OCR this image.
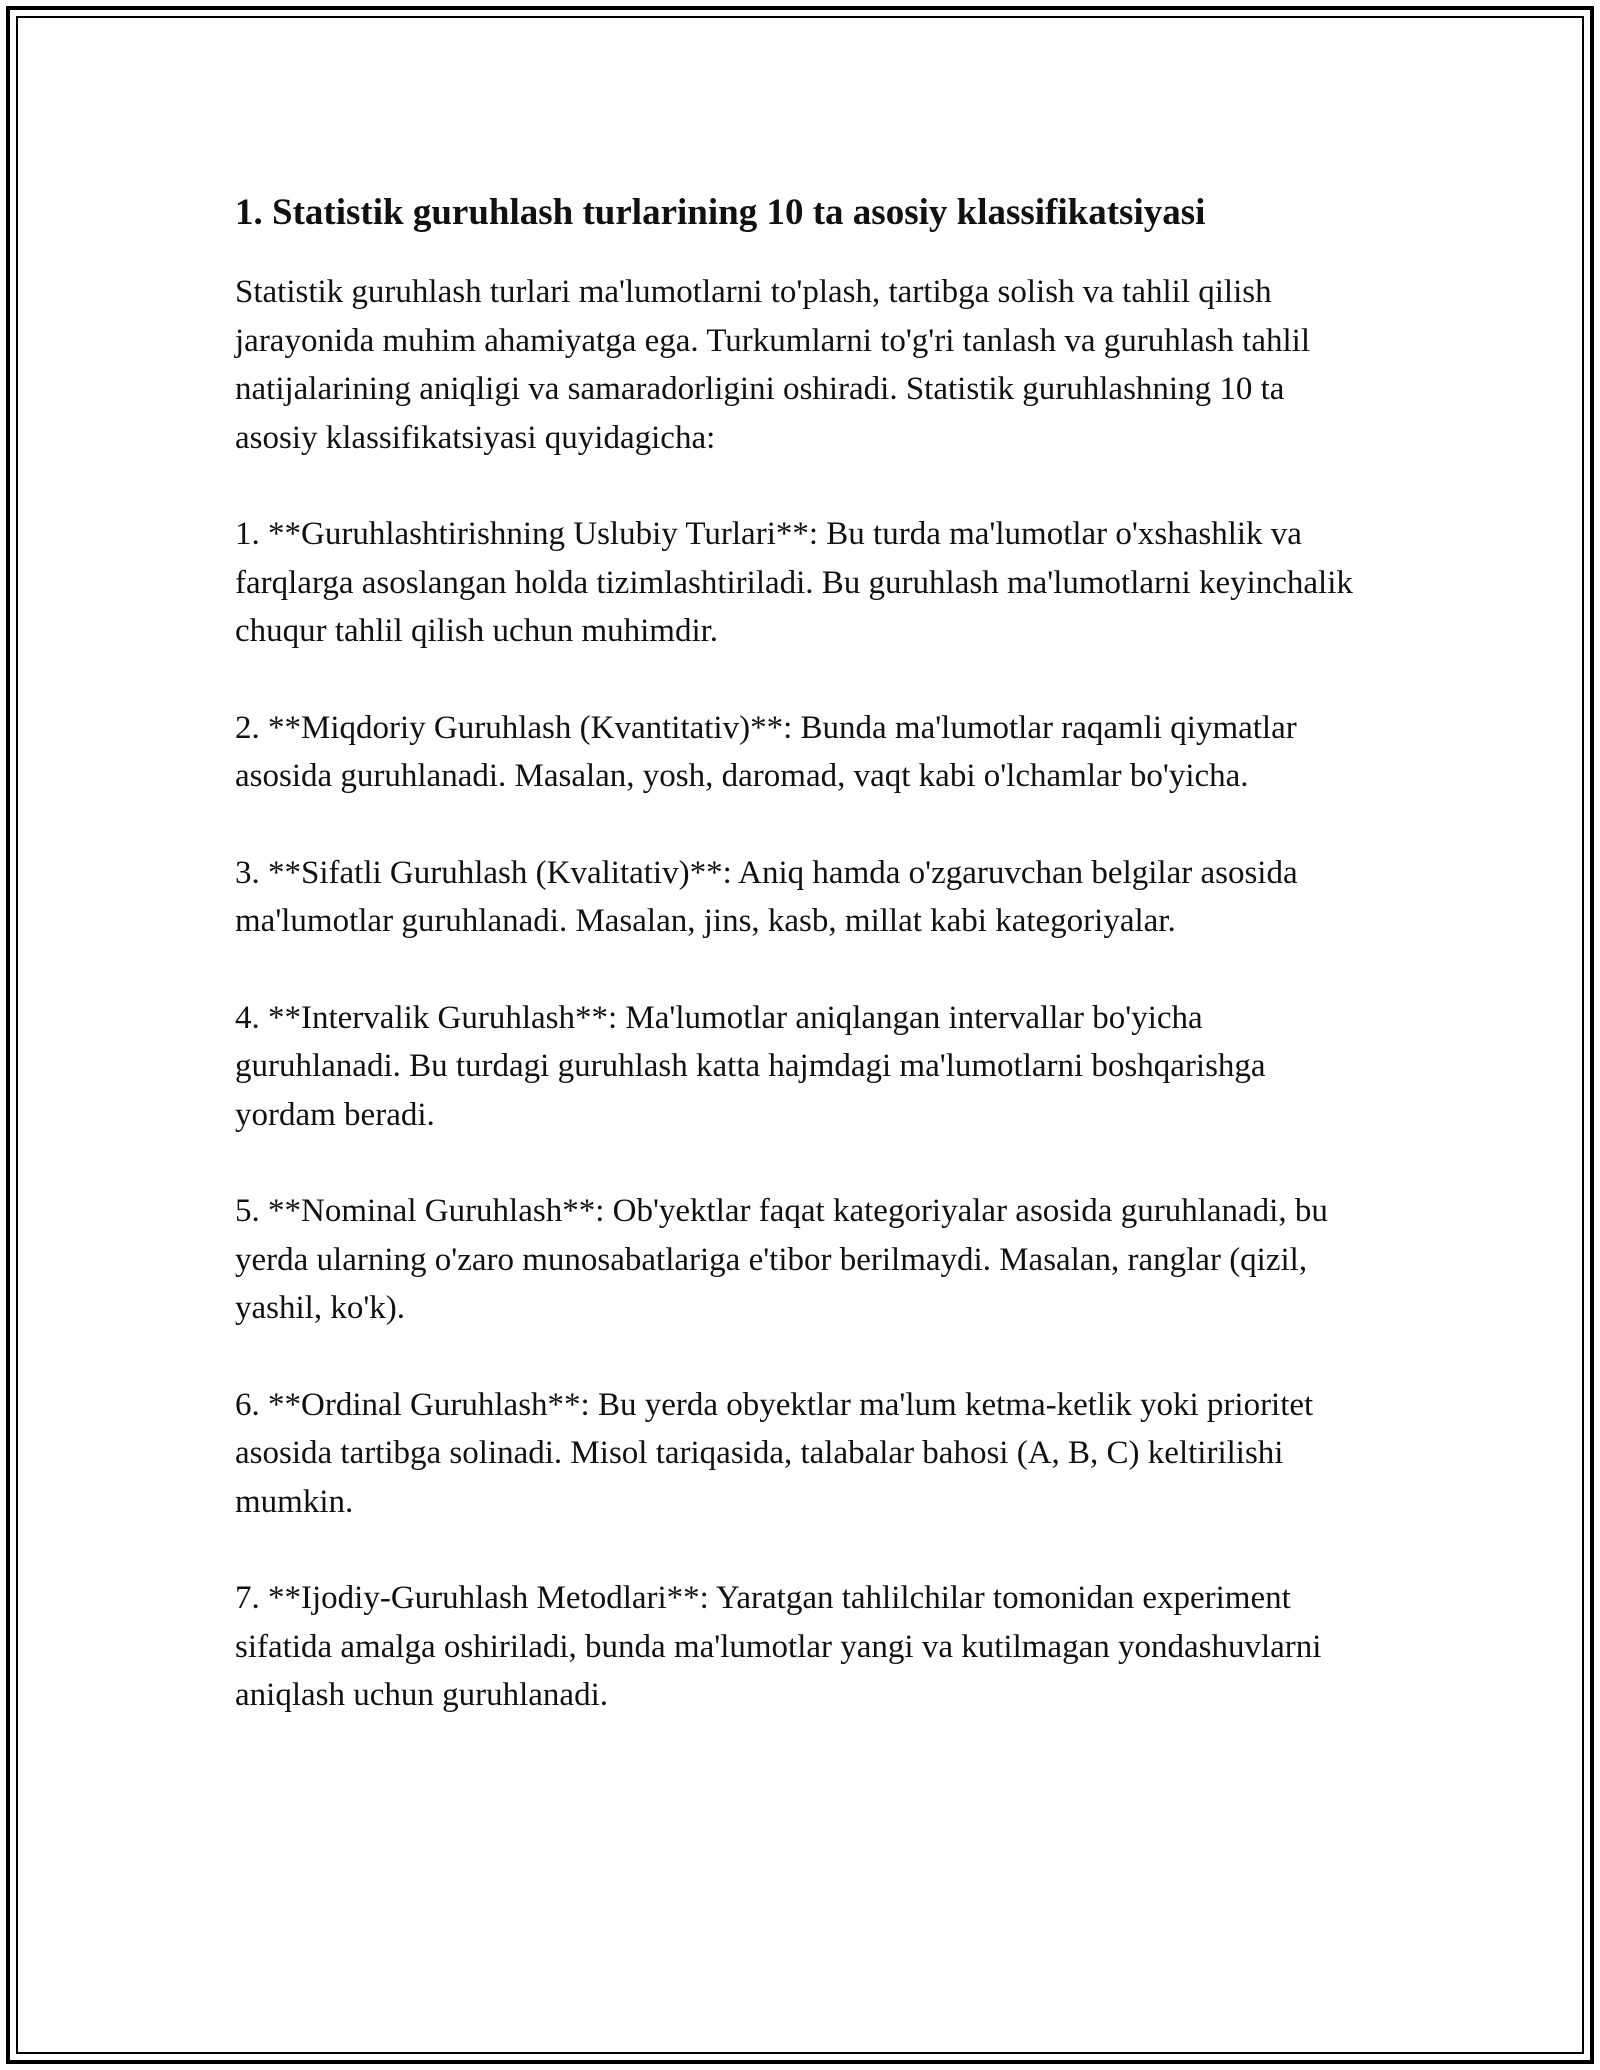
1. Statistik guruhlash turlarining 10 ta asosiy klassifikatsiyasi

Statistik guruhlash turlari ma'lumotlarni to'plash, tartibga solish va tahlil qilish jarayonida muhim ahamiyatga ega. Turkumlarni to'g'ri tanlash va guruhlash tahlil natijalarining aniqligi va samaradorligini oshiradi. Statistik guruhlashning 10 ta asosiy klassifikatsiyasi quyidagicha:

1. **Guruhlashtirishning Uslubiy Turlari**: Bu turda ma'lumotlar o'xshashlik va farqlarga asoslangan holda tizimlashtiriladi. Bu guruhlash ma'lumotlarni keyinchalik chuqur tahlil qilish uchun muhimdir.

2. **Miqdoriy Guruhlash (Kvantitativ)**: Bunda ma'lumotlar raqamli qiymatlar asosida guruhlanadi. Masalan, yosh, daromad, vaqt kabi o'lchamlar bo'yicha.

3. **Sifatli Guruhlash (Kvalitativ)**: Aniq hamda o'zgaruvchan belgilar asosida ma'lumotlar guruhlanadi. Masalan, jins, kasb, millat kabi kategoriyalar.

4. **Intervalik Guruhlash**: Ma'lumotlar aniqlangan intervallar bo'yicha guruhlanadi. Bu turdagi guruhlash katta hajmdagi ma'lumotlarni boshqarishga yordam beradi.

5. **Nominal Guruhlash**: Ob'yektlar faqat kategoriyalar asosida guruhlanadi, bu yerda ularning o'zaro munosabatlariga e'tibor berilmaydi. Masalan, ranglar (qizil, yashil, ko'k).

6. **Ordinal Guruhlash**: Bu yerda obyektlar ma'lum ketma-ketlik yoki prioritet asosida tartibga solinadi. Misol tariqasida, talabalar bahosi (A, B, C) keltirilishi mumkin.

7. **Ijodiy-Guruhlash Metodlari**: Yaratgan tahlilchilar tomonidan experiment sifatida amalga oshiriladi, bunda ma'lumotlar yangi va kutilmagan yondashuvlarni aniqlash uchun guruhlanadi.
